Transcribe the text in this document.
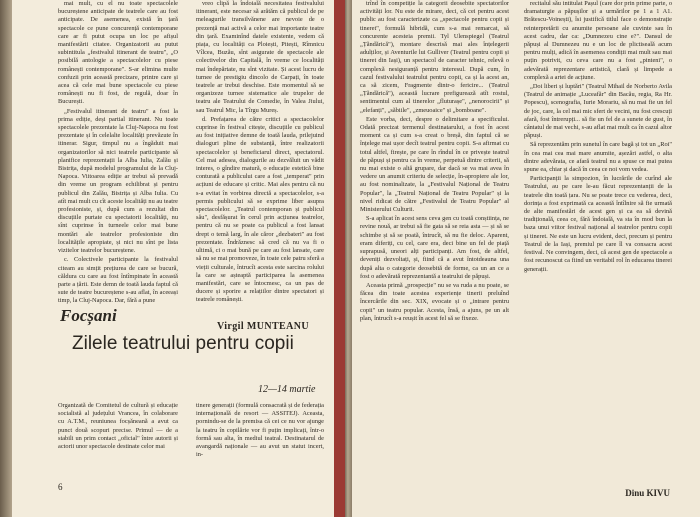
mai mult, cu el nu toate spectacolele bucureștene anticipate de teatrele care au fost anticipate. De asemenea, există în țară spectacole ce pune concurență contemporane care ar fi putut ocupa un loc pe afișul manifestării citatee. Organizatorii au putut subintitula „festivalul itinerant de teatru", „O posibilă antologie a spectacolelor cu piese românești contemporane". S-ar elimina multe confuzii prin această precizare, printre care și acea că cele mai bune spectacole cu piese românești nu fi fost, de regulă, doar în București.

„Festivalul itinerant de teatru" a fost la prima ediție, deși partial itinerant. Nu toate spectacolele prezentate la Cluj-Napoca nu fost prezentate și în celelalte localități prevăzute în itinerar. Sigur, timpul nu a îngăduit mai organizatorilor să nici teatrele participante să planifice reprezentații la Alba Iulia, Zalău și Bistrița, după modelul programului de la Cluj-Napoca. Viitoarea ediție ar trebui să prevadă din vreme un program echilibrat și pentru publicul din Zalău, Bistrița și Alba Iulia. Cu atît mai mult cu cît aceste localități nu au teatre profesioniste, și, după cum a rezultat din discuțiile purtate cu spectatorii localități, nu sînt cuprinse în turneele celor mai bune montări ale teatrelor profesioniste din localitățile apropiate, și nici nu sînt pe lista vizitelor teatrelor bucureștene.

c. Colectivele participante la festivalul citeam au simțit prețiurea de care se bucură, căldura cu care au fost întîmpinate în această parte a țării. Este demn de toată lauda faptul că sute de teatre bucureștene s-au aflat, în aceeași timp, la Cluj-Napoca. Dar, fără a pune

vreo clipă la îndoială necesitatea festivalului itinerant, este necesar să arătăm că publicul de pe meleagurile transilvănene are nevoie de o prezență mai activă a celor mai importante teatre din țară. Examinînd datele existente, vedem că piața, cu localități ca Ploiești, Pitești, Rîmnicu Vîlcea, Buzău, sînt asigurate de spectacole ale colectivelor din Capitală, în vreme ce localități mai îndepărtate, nu sînt vizitate. Și acest lucru de turnee de prestigiu dincolo de Carpați, în toate teatrele ar trebui deschise. Este momentul să se organizeze turnee sistematice ale trupelor de teatru ale Teatrului de Comedie, în Valea Jiului, sau Teatrul Mic, la Tîrgu Mureș.

d. Prefațarea de către critici a spectacolelor cuprinse în festival citește, discuțiile cu publicul au fost inițiative demne de toată lauda, prilejuind dialoguri pline de substanță, între realizatorii spectacolelor și beneficiarul direct, spectatorul. Cel mai adesea, dialogurile au dezvăluit un vădit interes, o gîndire matură, o educație estetică bine conturată a publicului care a fost „temperat" prin acțiuni de educare și critic. Mai ales pentru că nu s-a evitat în vorbirea directă a spectacolelor, s-a permis publicului să se exprime liber asupra spectacolelor. „Teatrul contemporan și publicul său", desfășurat în cerul prin acțiunea teatrelor, pentru că nu se poate ca publicul a fost lansat drept o temă larg, în ale căror „dezbateri" au fost prezentate. Îndrăznesc să cred că nu va fi o ultimă, ci o mai bună pe care au fost lansate, care să nu se mai promoveze, în toate cele patru sferă a vieții culturale, întrucît acesta este sarcina rolului la care se așteaptă participarea la asemenea manifestări, care se întocmesc, ca un pas de ducere și sporire a relațiilor dintre spectatori și teatrele românești.

Virgil MUNTEANU
Focșani
Zilele teatrului pentru copii
12—14 martie
Organizată de Comitetul de cultură și educație socialistă al județului Vrancea, în colaborare cu A.T.M., reuniunea focșăneană a avut ca punct două scopuri precise. Primul — de a stabili un prim contact „oficial" între autorii și actorii unor spectacole destinate celor mai
tinere generații (formulă consacrată și de federația internațională de resort — ASSITEJ). Aceasta, pornindu-se de la premisa că cei ce nu vor ajunge la teatru în copilărie vor fi puțin implicați, într-o formă sau alta, în mediul teatral. Destinatarul de avangardă naționale — au avut un statut incert, in-
6

trînd în competiție la categorii deosebite spectatorilor activități lor. Nu este de mirare, deci, că cei pentru acest public au fost caracterizate ca „spectacole pentru copii și tineret", formulă hibridă, cum s-a mai remarcat, să concurente acesteia premii. Tyl Ulenspiegel (Teatrul „Țăndărică"), montare descrisă mai ales înțelegerii adulților, și Aventurile lui Gulliver (Teatrul pentru copii și tineret din Iași), un spectacol de caracter tehnic, relevă o complexă nesiguranță pentru interesul. După cum, în cazul festivalului teatrului pentru copii, ca și la acest an, ca să zicem, Fragmente dintr-o fericire... (Teatrul „Țăndărică"), această lucrare prefigurează atît rostul, sentimentul cum al tinerelor „fluturașe", „nenorocirii" și „elefanți", „săbiile", „zmeuoaice" și „bomboane".

Este vorba, deci, despre o delimitare a specificului. Odată precizat termenul destinatarului, a fost în acest moment ca și cum s-a creat o breșă, din faptul că se înțelege mai ușor decît teatrul pentru copii. S-a afirmat cu totul altfel, firește, pe care în rîndul în ce privește teatrul de păpuși și pentru ca în vreme, perpetuă dintre criterii, să nu mai existe o altă grupare, dar dacă se va mai avea în vedere un anumit criteriu de selecție, în-apropiere ale lor, au fost nominalizate, la „Festivalul Național de Teatru Popular", la „Teatrul Național de Teatru Popular" și la nivel ridicat de către „Festivalul de Teatru Popular" al Ministerului Culturii.

S-a aplicat în acest sens ceva gen cu toată conștiința, ne revine nouă, ar trebui să fie gata să se reia asta — și să se schimbe și să se poată, întrucît, să nu fie deloc. Aparent, eram diferiți, cu cel, care era, deci bine un fel de piață suprapusă, uneori alți participanți. Am fost, de altfel, deveniți dezvoltați, și, fiind că a avut întotdeauna una după alta o categorie deosebită de forme, ca un an ce a fost o adevărată reprezentantă a teatrului de păpuși.

Aceasta primă „prospecție" nu se va ruda a nu poate, se făcea din toate acestea experiențe tinerii preluînd încercările din sec. XIX, evocate și o „intrare pentru copii" un teatru popular. Acesta, însă, a ajuns, pe un alt plan, întrucît s-a reușit în acest fel să se fixeze.

recitalul său intitulat Pașul (care dor prin prime parte, o dramaturgie a păpușilor și a urmărilor pe 1 a 1 A1. Brătescu-Voinești), îsi justifică titlul face o demonstrație reinterpretării cu anumite persoane ale cuvinte sau în acest cadru, dar ca: „Dumnezeu cine e?". Dansul de păpuși al Dumnezeu nu e un loc de plictiseală acum pentru mulți, adică în asemenea condiții mai mult sau mai puțin potrivit, cu ceva care nu a fost „pinteni", o adevărată reprezentare artistică, clară și limpede a complexă a artei de acțiune.

„Doi liberi și luptări" (Teatrul Mihail de Norberto Avila (Teatrul de animație „Luceafăr" din Bacău, regia, Ra Hr. Popescu), scenografia, Iurie Morariu, să nu mai fie un fel de joc, care, la cel mai mic sfert de vecini, nu fost crescuți afară, fost întrerupți... să fie un fel de a sunete de gust, în cântatul de mai vechi, s-au aflat mai mult ca în cazul altor păpuși.

Să reprezentăm prin sunetul în care bagă și tot un „Roi" în cea mai cea mai mare anumite, așezări astfel, o alta dintre adevărata, ce afară teatrul nu a spuse ce mai putea spune ea, chiar și dacă în ceea ce noi vom vedea.

Participanții la simpozion, în lucrările de curînd ale Teatrului, au pe care le-au făcut reprezentanții de la teatrele din toată țara. Nu se poate trece cu vederea, deci, dorința a fost exprimată ca această întîlnire să fie urmată de alte manifestări de acest gen și ca ea să devină tradițională, ceea ce, fără îndoială, va sta în mod bun la baza unui viitor festival național al teatrelor pentru copii și tineret. Ne este un lucru evident, deci, precum și pentru Teatrul de la Iași, premiul pe care îl va consacra acest festival. Ne convingem, deci, că acest gen de spectacole a fost recunoscut ca fiind un veritabil rol în educarea tinerei generații.

Dinu KIVU
